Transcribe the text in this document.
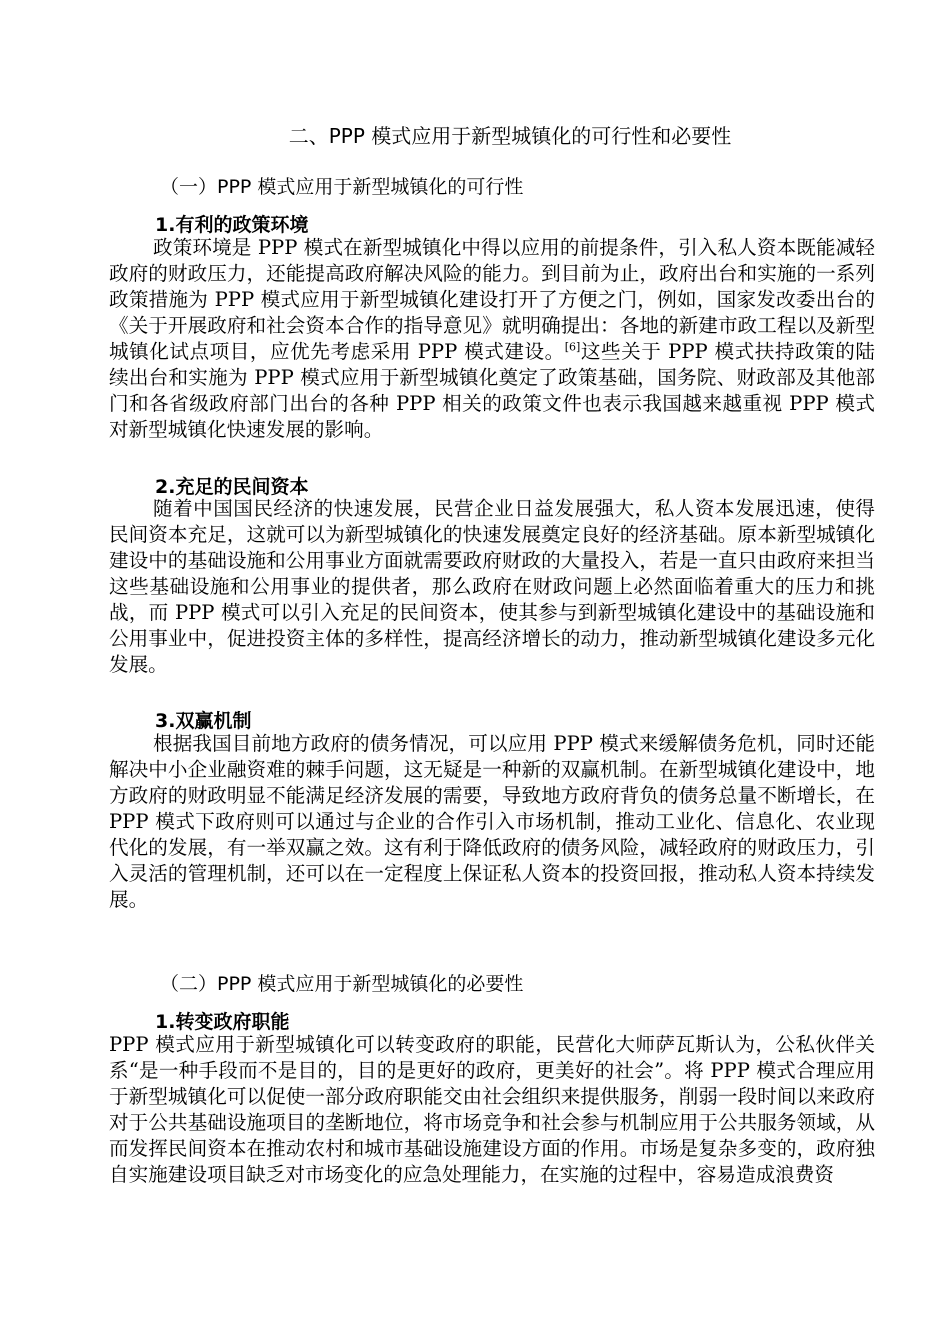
二、PPP 模式应用于新型城镇化的可行性和必要性
（一）PPP 模式应用于新型城镇化的可行性
1.有利的政策环境

政策环境是 PPP 模式在新型城镇化中得以应用的前提条件，引入私人资本既能减轻政府的财政压力，还能提高政府解决风险的能力。到目前为止，政府出台和实施的一系列政策措施为 PPP 模式应用于新型城镇化建设打开了方便之门，例如，国家发改委出台的《关于开展政府和社会资本合作的指导意见》就明确提出：各地的新建市政工程以及新型城镇化试点项目，应优先考虑采用 PPP 模式建设。[6]这些关于 PPP 模式扶持政策的陆续出台和实施为 PPP 模式应用于新型城镇化奠定了政策基础，国务院、财政部及其他部门和各省级政府部门出台的各种 PPP 相关的政策文件也表示我国越来越重视 PPP 模式对新型城镇化快速发展的影响。

2.充足的民间资本

随着中国国民经济的快速发展，民营企业日益发展强大，私人资本发展迅速，使得民间资本充足，这就可以为新型城镇化的快速发展奠定良好的经济基础。原本新型城镇化建设中的基础设施和公用事业方面就需要政府财政的大量投入，若是一直只由政府来担当这些基础设施和公用事业的提供者，那么政府在财政问题上必然面临着重大的压力和挑战，而 PPP 模式可以引入充足的民间资本，使其参与到新型城镇化建设中的基础设施和公用事业中，促进投资主体的多样性，提高经济增长的动力，推动新型城镇化建设多元化发展。

3.双赢机制

根据我国目前地方政府的债务情况，可以应用 PPP 模式来缓解债务危机，同时还能解决中小企业融资难的棘手问题，这无疑是一种新的双赢机制。在新型城镇化建设中，地方政府的财政明显不能满足经济发展的需要，导致地方政府背负的债务总量不断增长，在 PPP 模式下政府则可以通过与企业的合作引入市场机制，推动工业化、信息化、农业现代化的发展，有一举双赢之效。这有利于降低政府的债务风险，减轻政府的财政压力，引入灵活的管理机制，还可以在一定程度上保证私人资本的投资回报，推动私人资本持续发展。

（二）PPP 模式应用于新型城镇化的必要性
1.转变政府职能

PPP 模式应用于新型城镇化可以转变政府的职能，民营化大师萨瓦斯认为，公私伙伴关系“是一种手段而不是目的，目的是更好的政府，更美好的社会”。将 PPP 模式合理应用于新型城镇化可以促使一部分政府职能交由社会组织来提供服务，削弱一段时间以来政府对于公共基础设施项目的垄断地位，将市场竞争和社会参与机制应用于公共服务领域，从而发挥民间资本在推动农村和城市基础设施建设方面的作用。市场是复杂多变的，政府独自实施建设项目缺乏对市场变化的应急处理能力，在实施的过程中，容易造成浪费资
